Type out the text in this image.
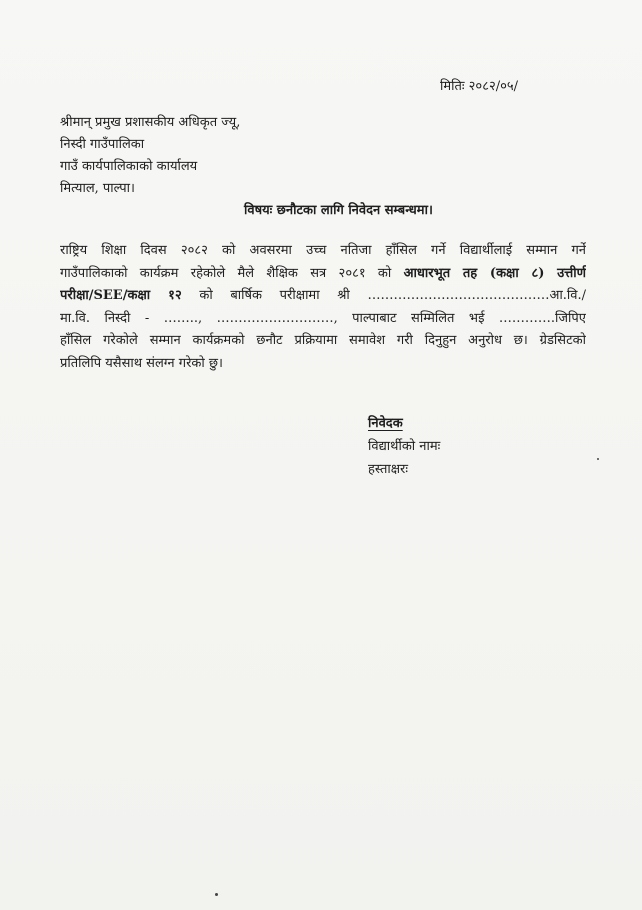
मितिः २०८२/०५/
श्रीमान् प्रमुख प्रशासकीय अधिकृत ज्यू,
निस्दी गाउँपालिका
गाउँ कार्यपालिकाको कार्यालय
मित्याल, पाल्पा।
विषयः छनौटका लागि निवेदन सम्बन्धमा।
राष्ट्रिय शिक्षा दिवस २०८२ को अवसरमा उच्च नतिजा हाँसिल गर्ने विद्यार्थीलाई सम्मान गर्ने
गाउँपालिकाको कार्यक्रम रहेकोले मैले शैक्षिक सत्र २०८१ को आधारभूत तह (कक्षा ८) उत्तीर्ण
परीक्षा/SEE/कक्षा १२ को बार्षिक परीक्षामा श्री ……………………………………आ.वि./
मा.वि. निस्दी - …….., ………………………, पाल्पाबाट सम्मिलित भई ………….जिपिए
हाँसिल गरेकोले सम्मान कार्यक्रमको छनौट प्रक्रियामा समावेश गरी दिनुहुन अनुरोध छ। ग्रेडसिटको
प्रतिलिपि यसैसाथ संलग्न गरेको छु।
निवेदक
विद्यार्थीको नामः
हस्ताक्षरः
